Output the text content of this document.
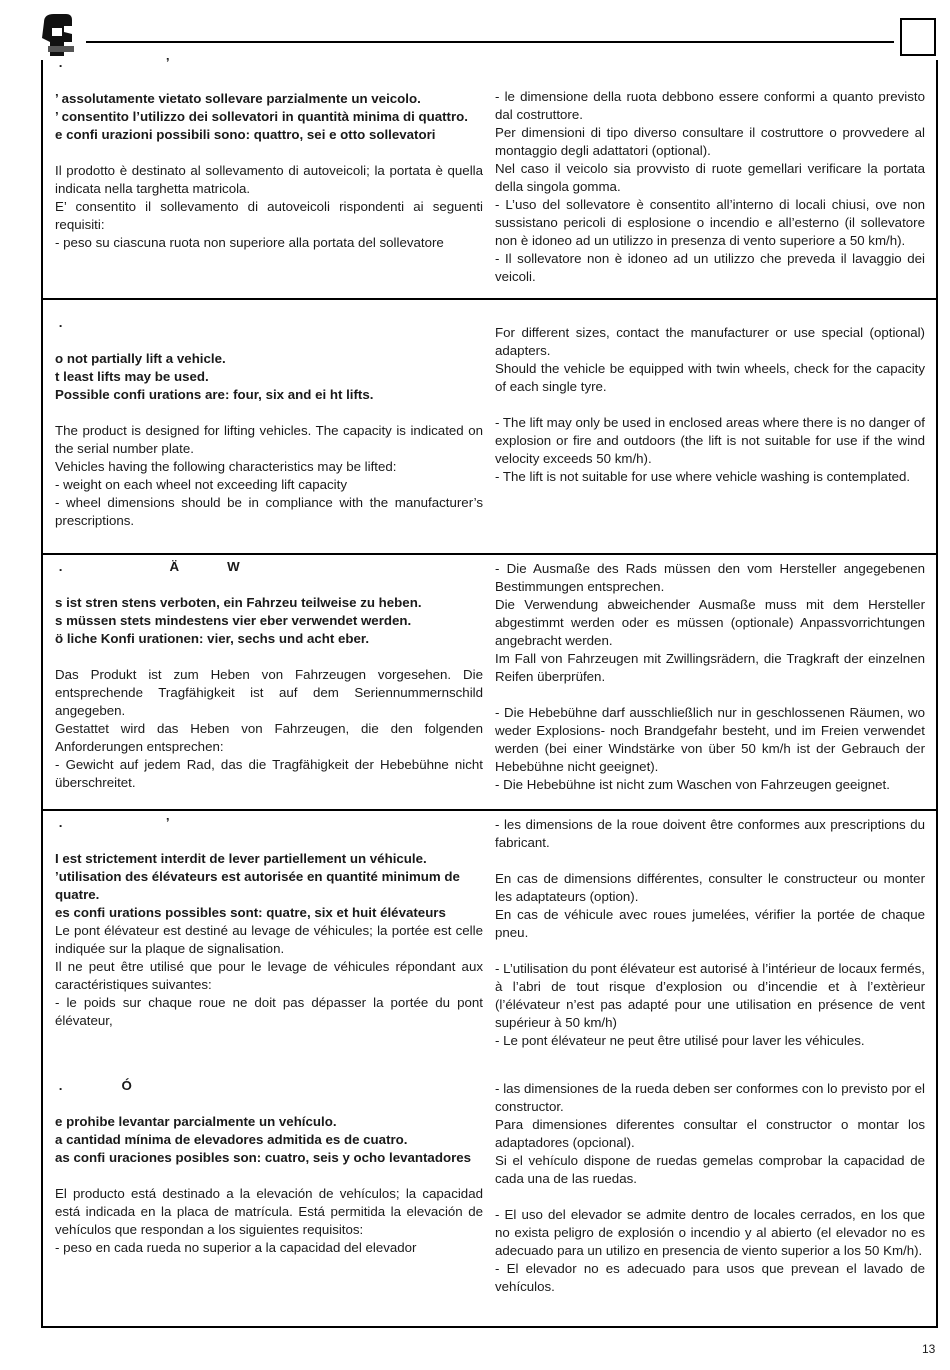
.                            ’

’ assolutamente vietato sollevare parzialmente un veicolo.

’ consentito l’utilizzo dei sollevatori in quantità minima di quattro.

e confi urazioni possibili sono: quattro, sei e otto sollevatori

Il prodotto è destinato al sollevamento di autoveicoli; la portata è quella indicata nella targhetta matricola.

E’ consentito il sollevamento di autoveicoli rispondenti ai seguenti requisiti:

- peso su ciascuna ruota non superiore alla portata del sollevatore

- le dimensione della ruota debbono essere conformi a quanto previsto dal costruttore.

Per dimensioni di tipo diverso consultare il costruttore o provvedere al montaggio degli adattatori (optional).

Nel caso il veicolo sia provvisto di ruote gemellari verificare la portata della singola gomma.

- L’uso del sollevatore è consentito all’interno di locali chiusi, ove non sussistano pericoli di esplosione o incendio e all’esterno (il sollevatore non è idoneo ad un utilizzo in presenza di vento superiore a 50 km/h).

- Il sollevatore non è idoneo ad un utilizzo che preveda il lavaggio dei veicoli.

.

o not partially lift a vehicle.

t least lifts may be used.

Possible confi urations are: four, six and ei ht lifts.

The product is designed for lifting vehicles. The capacity is indicated on the serial number plate.

Vehicles having the following characteristics may be lifted:

- weight on each wheel not exceeding lift capacity

- wheel dimensions should be in compliance with the manufacturer’s prescriptions.

For different sizes, contact the manufacturer or use special (optional) adapters.

Should the vehicle be equipped with twin wheels, check for the capacity of each single tyre.

- The lift may only be used in enclosed areas where there is no danger of explosion or fire and outdoors (the lift is not suitable for use if the wind velocity exceeds 50 km/h).

- The lift is not suitable for use where vehicle washing is contemplated.

.                             Ä             W

s ist stren stens verboten, ein Fahrzeu teilweise zu heben.

s müssen stets mindestens vier eber verwendet werden.

ö liche Konfi urationen: vier, sechs und acht eber.

Das Produkt ist zum Heben von Fahrzeugen vorgesehen. Die entsprechende Tragfähigkeit ist auf dem Seriennummernschild angegeben.

Gestattet wird das Heben von Fahrzeugen, die den folgenden Anforderungen entsprechen:

- Gewicht auf jedem Rad, das die Tragfähigkeit der Hebebühne nicht überschreitet.

- Die Ausmaße des Rads müssen den vom Hersteller angegebenen Bestimmungen entsprechen.

Die Verwendung abweichender Ausmaße muss mit dem Hersteller abgestimmt werden oder es müssen (optionale) Anpassvorrichtungen angebracht werden.

Im Fall von Fahrzeugen mit Zwillingsrädern, die Tragkraft der einzelnen Reifen überprüfen.

- Die Hebebühne darf ausschließlich nur in geschlossenen Räumen, wo weder Explosions- noch Brandgefahr besteht, und im Freien verwendet werden (bei einer Windstärke von über 50 km/h ist der Gebrauch der Hebebühne nicht geeignet).

- Die Hebebühne ist nicht zum Waschen von Fahrzeugen geeignet.

.                            ’

I est strictement interdit de lever partiellement un véhicule.

’utilisation des élévateurs est autorisée en quantité minimum de quatre.

es confi urations possibles sont: quatre, six et huit élévateurs

Le pont élévateur est destiné au levage de véhicules; la portée est celle indiquée sur la plaque de signalisation.

Il ne peut être utilisé que pour le levage de véhicules répondant aux caractéristiques suivantes:

- le poids sur chaque roue ne doit pas dépasser la portée du pont élévateur,

- les dimensions de la roue doivent être conformes aux prescriptions du fabricant.

En cas de dimensions différentes, consulter le constructeur ou monter les adaptateurs (option).

En cas de véhicule avec roues jumelées, vérifier la portée de chaque pneu.

- L’utilisation du pont élévateur est autorisé à l’intérieur de locaux fermés, à l’abri de tout risque d’explosion ou d’incendie et à l’extèrieur (l’élévateur n’est pas adapté pour une utilisation en présence de vent supérieur à 50 km/h)

- Le pont élévateur ne peut être utilisé pour laver les véhicules.

.                Ó

e prohibe levantar parcialmente un vehículo.

a cantidad mínima de elevadores admitida es de cuatro.

as confi uraciones posibles son: cuatro, seis y ocho levantadores

El producto está destinado a la elevación de vehículos; la capacidad está indicada en la placa de matrícula. Está permitida la elevación de vehículos que respondan a los siguientes requisitos:

- peso en cada rueda no superior a la capacidad del elevador

- las dimensiones de la rueda deben ser conformes con lo previsto por el constructor.

Para dimensiones diferentes consultar el constructor o montar los adaptadores (opcional).

Si el vehículo dispone de ruedas gemelas comprobar la capacidad de cada una de las ruedas.

- El uso del elevador se admite dentro de locales cerrados, en los que no exista peligro de explosión o incendio y al abierto (el elevador no es adecuado para un utilizo en presencia de viento superior a los 50 Km/h).

- El elevador no es adecuado para usos que prevean el lavado de vehículos.

13
